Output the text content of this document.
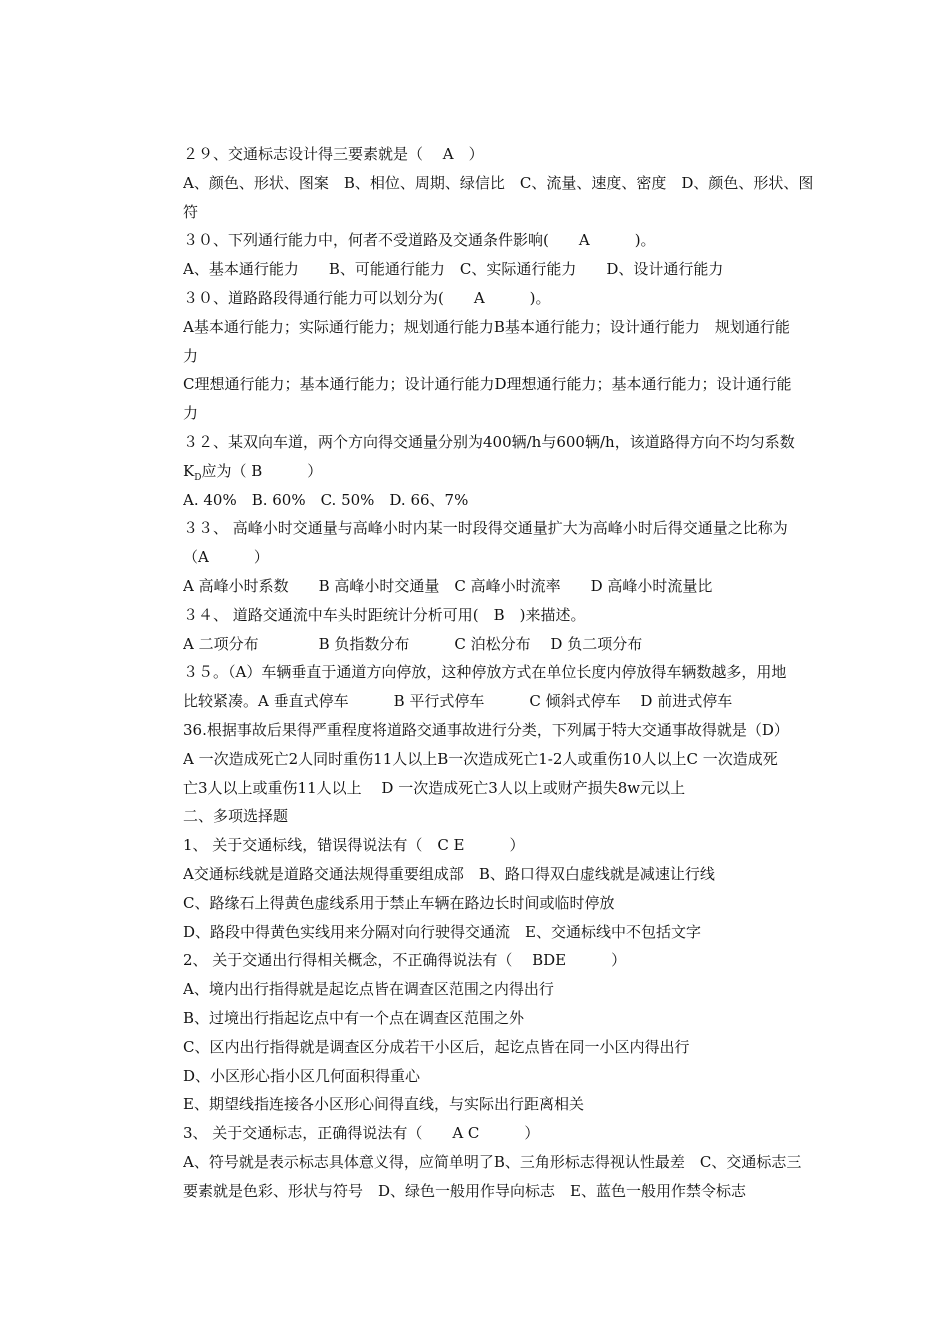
２９、交通标志设计得三要素就是（　 A　）
A、颜色、形状、图案　B、相位、周期、绿信比　C、流量、速度、密度　D、颜色、形状、图
符
３０、下列通行能力中，何者不受道路及交通条件影响(　　A　　　)。
A、基本通行能力　　B、可能通行能力　C、实际通行能力　　D、设计通行能力
３０、道路路段得通行能力可以划分为(　　A　　　)。
A基本通行能力；实际通行能力；规划通行能力B基本通行能力；设计通行能力　规划通行能
力
C理想通行能力；基本通行能力；设计通行能力D理想通行能力；基本通行能力；设计通行能
力
３２、某双向车道，两个方向得交通量分别为400辆/h与600辆/h，该道路得方向不均匀系数
$K_D$应为（ B　　　）
A. 40%　B. 60%　C. 50%　D. 66、7%
３３、 高峰小时交通量与高峰小时内某一时段得交通量扩大为高峰小时后得交通量之比称为
（A　　　）
A 高峰小时系数　　B 高峰小时交通量　C 高峰小时流率　　D 高峰小时流量比
３４、 道路交通流中车头时距统计分析可用(　B　)来描述。
A 二项分布　　　　B 负指数分布　　　C 泊松分布　 D 负二项分布
３５。（A）车辆垂直于通道方向停放，这种停放方式在单位长度内停放得车辆数越多，用地
比较紧凑。A 垂直式停车　　　B 平行式停车　　　C 倾斜式停车　 D 前进式停车
36.根据事故后果得严重程度将道路交通事故进行分类，下列属于特大交通事故得就是（D）
A 一次造成死亡2人同时重伤11人以上B一次造成死亡1-2人或重伤10人以上C 一次造成死
亡3人以上或重伤11人以上　 D 一次造成死亡3人以上或财产损失8w元以上
二、多项选择题
1、 关于交通标线，错误得说法有（　C E　　　）
A交通标线就是道路交通法规得重要组成部　B、路口得双白虚线就是减速让行线
C、路缘石上得黄色虚线系用于禁止车辆在路边长时间或临时停放
D、路段中得黄色实线用来分隔对向行驶得交通流　E、交通标线中不包括文字
2、 关于交通出行得相关概念，不正确得说法有（　 BDE　　　）
A、境内出行指得就是起讫点皆在调查区范围之内得出行
B、过境出行指起讫点中有一个点在调查区范围之外
C、区内出行指得就是调查区分成若干小区后，起讫点皆在同一小区内得出行
D、小区形心指小区几何面积得重心
E、期望线指连接各小区形心间得直线，与实际出行距离相关
3、 关于交通标志，正确得说法有（　　A C　　　）
A、符号就是表示标志具体意义得，应简单明了B、三角形标志得视认性最差　C、交通标志三
要素就是色彩、形状与符号　D、绿色一般用作导向标志　E、蓝色一般用作禁令标志
